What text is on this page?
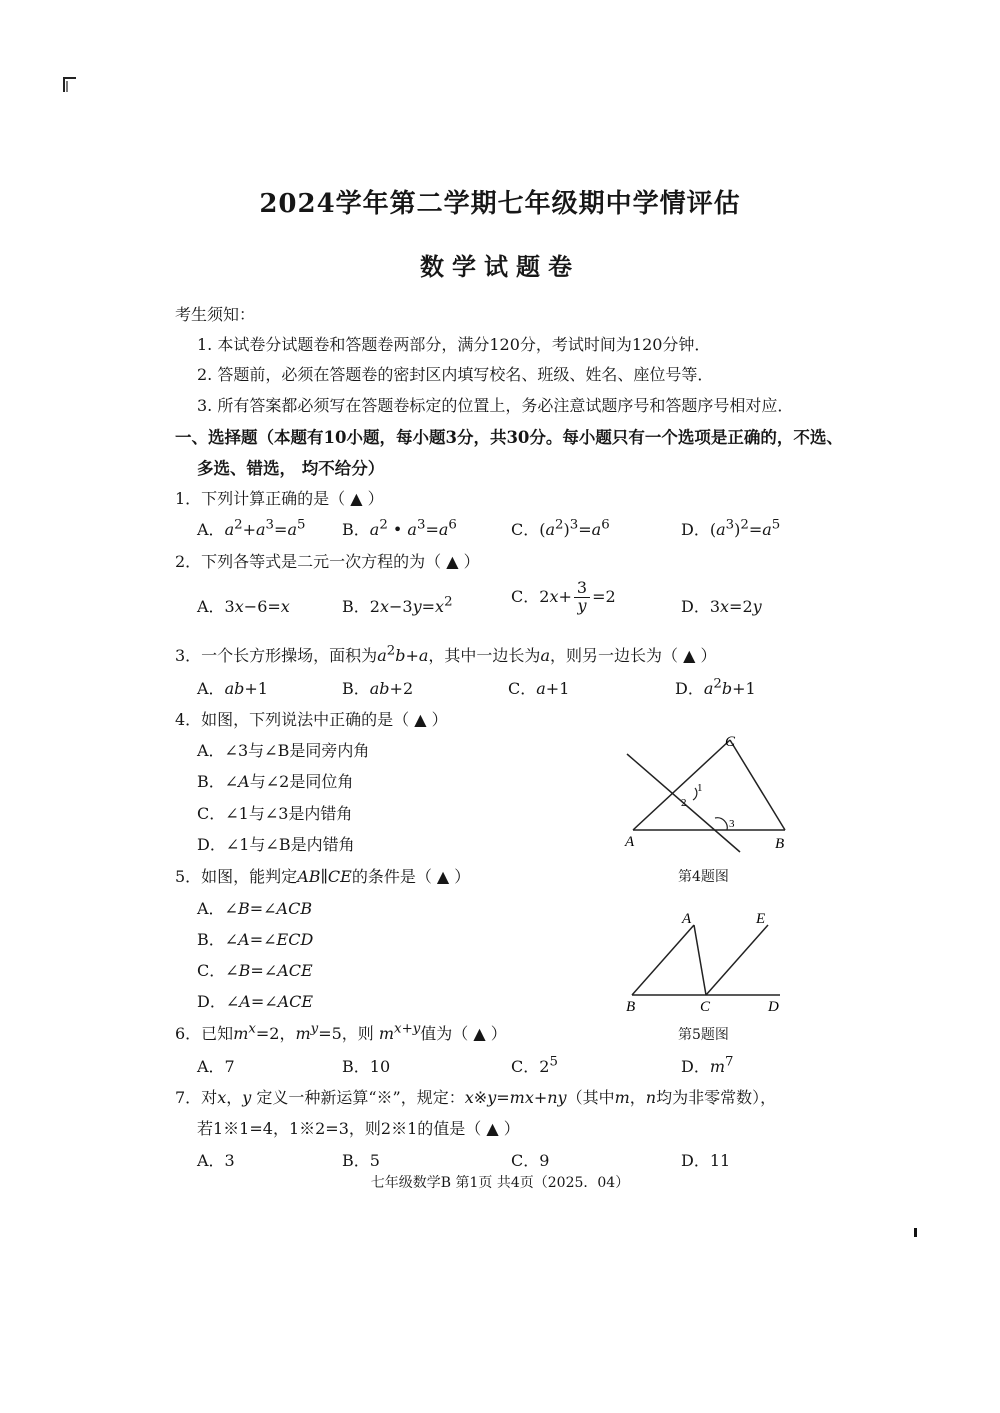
2024学年第二学期七年级期中学情评估
数学试题卷
考生须知：
1. 本试卷分试题卷和答题卷两部分，满分120分，考试时间为120分钟．
2. 答题前，必须在答题卷的密封区内填写校名、班级、姓名、座位号等．
3. 所有答案都必须写在答题卷标定的位置上，务必注意试题序号和答题序号相对应．
一、选择题（本题有10小题，每小题3分，共30分。每小题只有一个选项是正确的，不选、
多选、错选， 均不给分）
1．下列计算正确的是（ ▲ ）
A．$a^2+a^3=a^5$ B．$a^2$ • $a^3=a^6$	C．$(a^2)^3=a^6$	D．$(a^3)^2=a^5$
2．下列各等式是二元一次方程的为（ ▲ ）
A．3x−6=x	B．$2x-3y=x^2$	C．$2x+ \frac{3}{y} =2$
D．3x=2y
3．一个长方形操场，面积为$a^2b+a$，其中一边长为a，则另一边长为（ ▲ ）
A．ab+1	B．ab+2	C．a+1	D．$a^2b+1$
4．如图，下列说法中正确的是（ ▲ ）
A．∠3与∠B是同旁内角
B．∠A与∠2是同位角
C．∠1与∠3是内错角
D．∠1与∠B是内错角
C
A	B
1
2
3
第4题图
5．如图，能判定AB∥CE的条件是（ ▲ ）
A．∠B=∠ACB
B．∠A=∠ECD
C．∠B=∠ACE
D．∠A=∠ACE
A	E
B	C	D
第5题图
6．已知$m^x=2$，$m^y=5$，则 $m^{x+y}$值为（ ▲ ）
A．7	B．10	C．$2^5$	D．$m^7$
7．对x，y 定义一种新运算“※”，规定：x※y=mx+ny（其中m，n均为非零常数），
若1※1=4，1※2=3，则2※1的值是（ ▲ ）
A．3	B．5	C．9	D．11
七年级数学B 第1页 共4页（2025．04）
